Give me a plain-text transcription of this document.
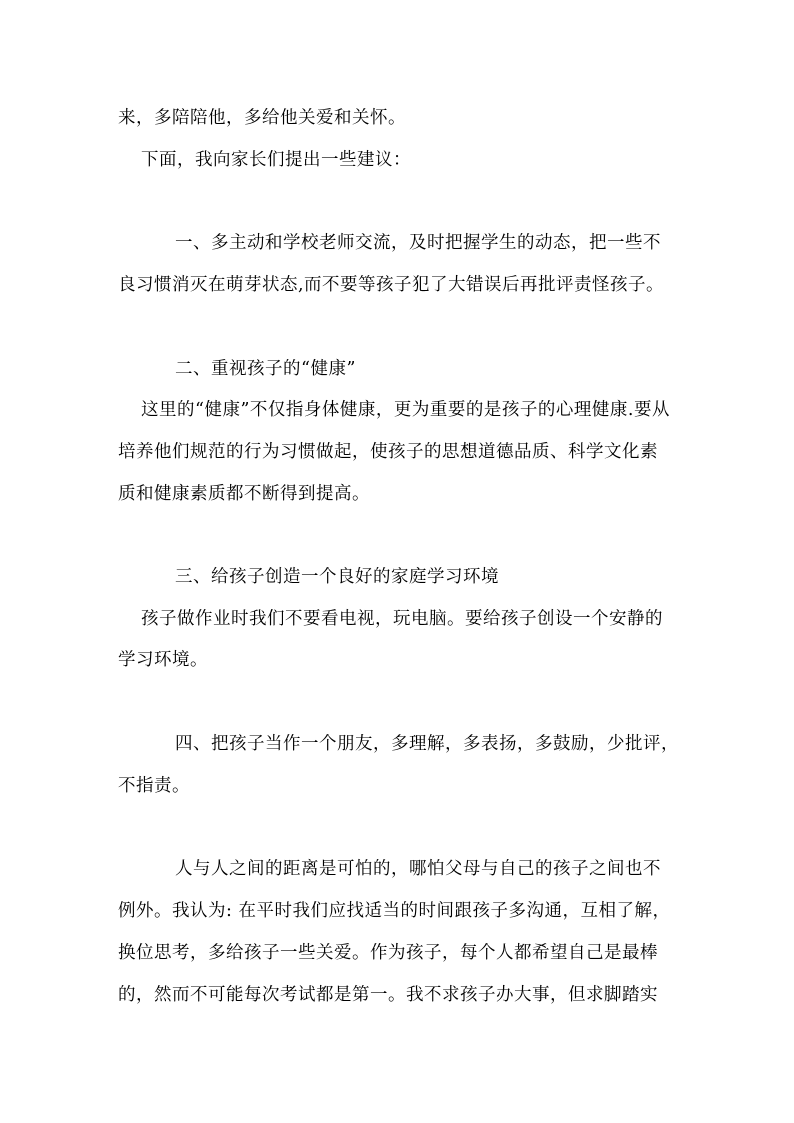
来，多陪陪他，多给他关爱和关怀。
下面，我向家长们提出一些建议：
一、多主动和学校老师交流，及时把握学生的动态，把一些不
良习惯消灭在萌芽状态,而不要等孩子犯了大错误后再批评责怪孩子。
二、重视孩子的“健康”
这里的“健康”不仅指身体健康，更为重要的是孩子的心理健康.要从
培养他们规范的行为习惯做起，使孩子的思想道德品质、科学文化素
质和健康素质都不断得到提高。
三、给孩子创造一个良好的家庭学习环境
孩子做作业时我们不要看电视，玩电脑。要给孩子创设一个安静的
学习环境。
四、把孩子当作一个朋友，多理解，多表扬，多鼓励，少批评，
不指责。
人与人之间的距离是可怕的，哪怕父母与自己的孩子之间也不
例外。我认为: 在平时我们应找适当的时间跟孩子多沟通，互相了解，
换位思考，多给孩子一些关爱。作为孩子，每个人都希望自己是最棒
的，然而不可能每次考试都是第一。我不求孩子办大事，但求脚踏实
